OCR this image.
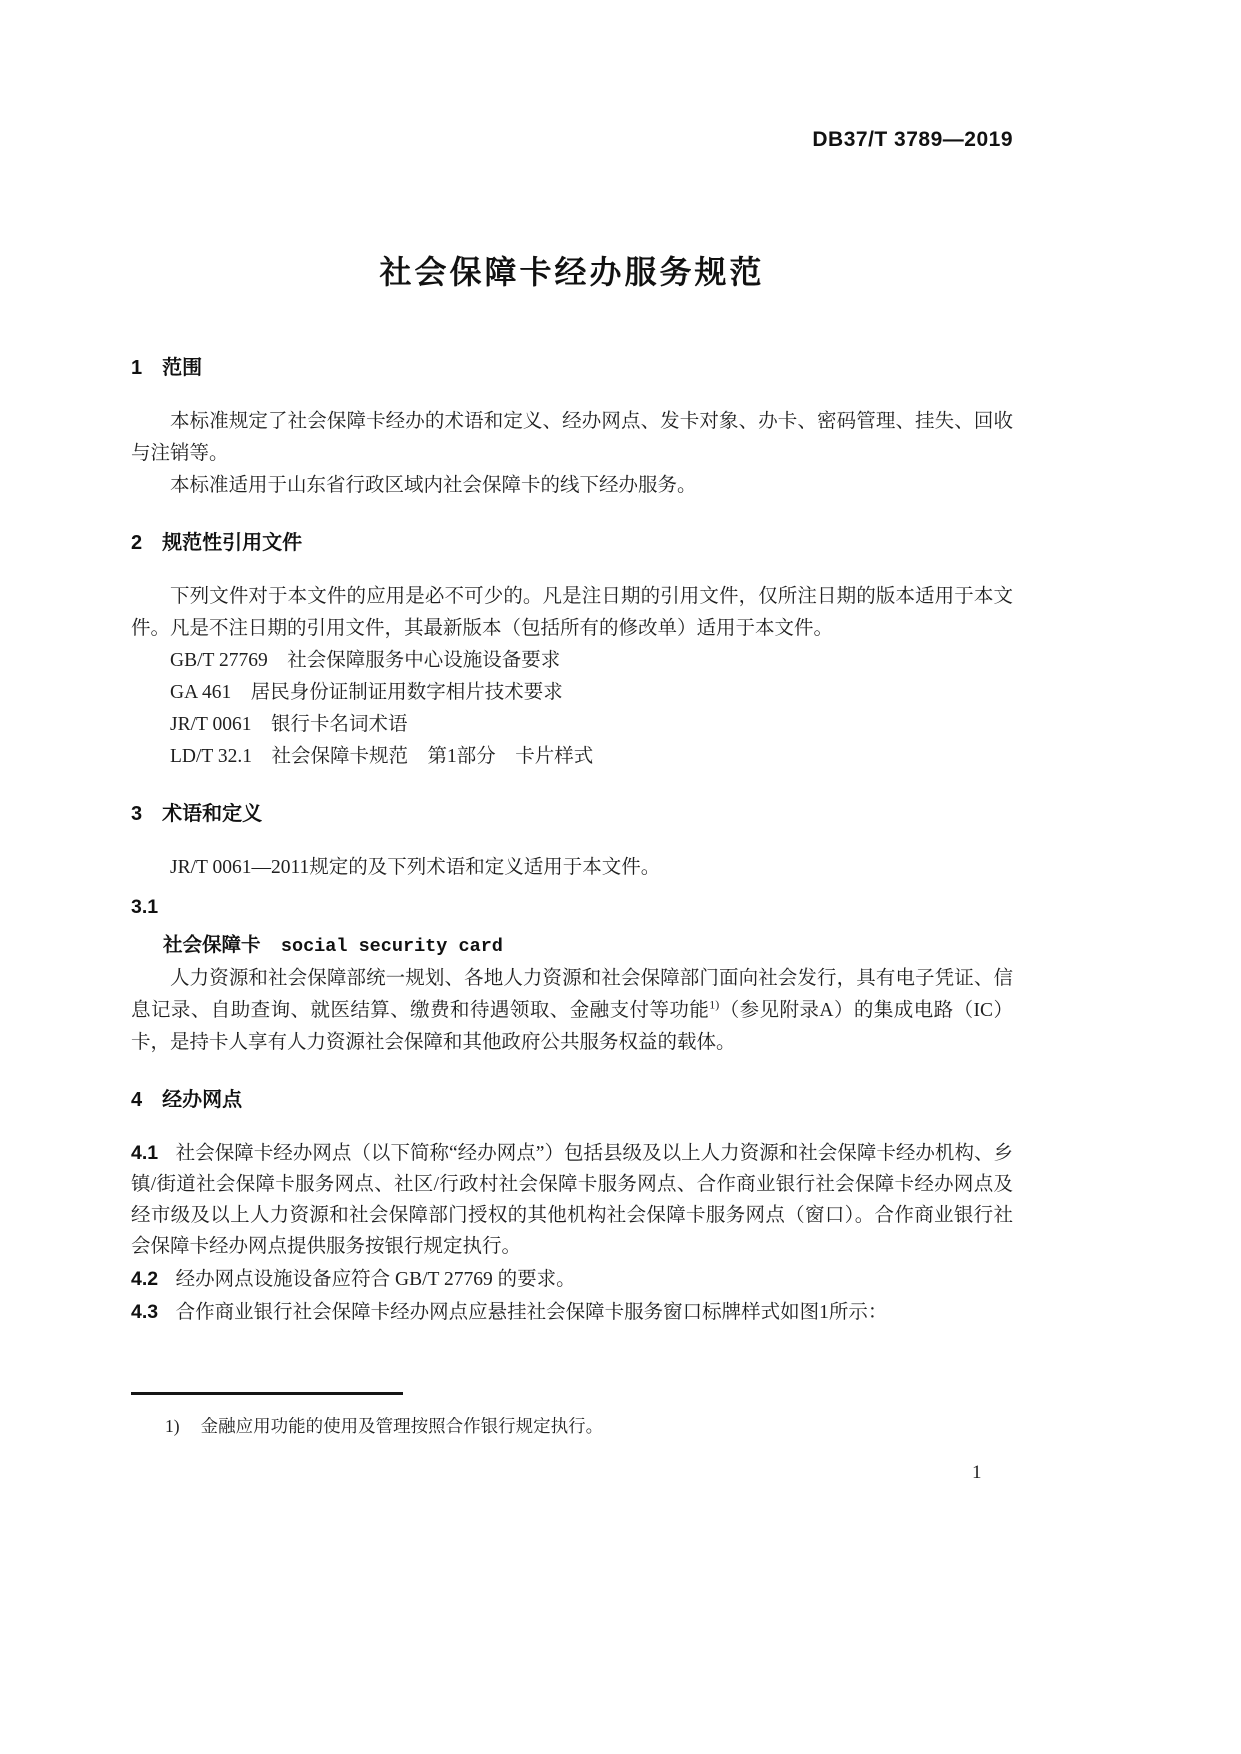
DB37/T 3789—2019
社会保障卡经办服务规范
1　范围

本标准规定了社会保障卡经办的术语和定义、经办网点、发卡对象、办卡、密码管理、挂失、回收与注销等。

本标准适用于山东省行政区域内社会保障卡的线下经办服务。

2　规范性引用文件

下列文件对于本文件的应用是必不可少的。凡是注日期的引用文件，仅所注日期的版本适用于本文件。凡是不注日期的引用文件，其最新版本（包括所有的修改单）适用于本文件。

GB/T 27769　社会保障服务中心设施设备要求

GA 461　居民身份证制证用数字相片技术要求

JR/T 0061　银行卡名词术语

LD/T 32.1　社会保障卡规范　第1部分　卡片样式

3　术语和定义

JR/T 0061—2011规定的及下列术语和定义适用于本文件。

3.1

社会保障卡 social security card

人力资源和社会保障部统一规划、各地人力资源和社会保障部门面向社会发行，具有电子凭证、信息记录、自助查询、就医结算、缴费和待遇领取、金融支付等功能$^{1)}$（参见附录A）的集成电路（IC）卡，是持卡人享有人力资源社会保障和其他政府公共服务权益的载体。

4　经办网点

4.1 社会保障卡经办网点（以下简称“经办网点”）包括县级及以上人力资源和社会保障卡经办机构、乡镇/街道社会保障卡服务网点、社区/行政村社会保障卡服务网点、合作商业银行社会保障卡经办网点及经市级及以上人力资源和社会保障部门授权的其他机构社会保障卡服务网点（窗口）。合作商业银行社会保障卡经办网点提供服务按银行规定执行。

4.2 经办网点设施设备应符合 GB/T 27769 的要求。

4.3 合作商业银行社会保障卡经办网点应悬挂社会保障卡服务窗口标牌样式如图1所示：

1) 金融应用功能的使用及管理按照合作银行规定执行。

1
